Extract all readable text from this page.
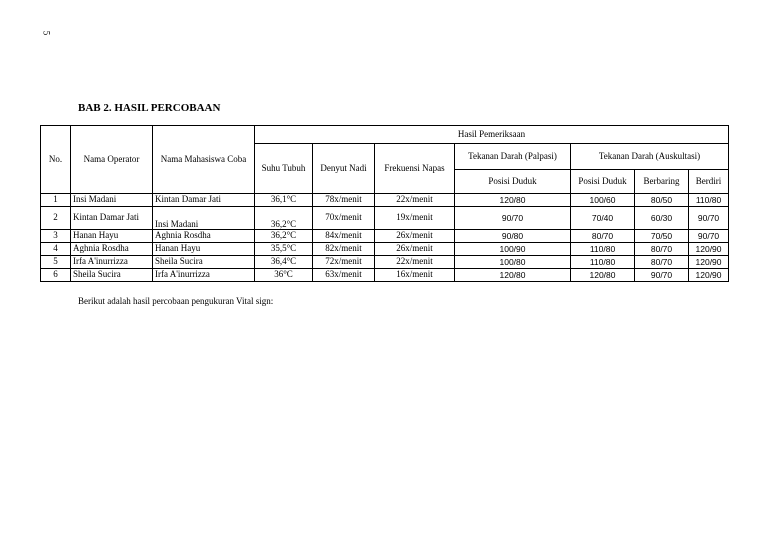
5
BAB 2. HASIL PERCOBAAN
No.	Nama Operator	Nama Mahasiswa Coba	Hasil Pemeriksaan						
			Suhu Tubuh	Denyut Nadi	Frekuensi Napas	Tekanan Darah (Palpasi)	Tekanan Darah (Auskultasi)		
						Posisi Duduk	Posisi Duduk	Berbaring	Berdiri
1	Insi Madani	Kintan Damar Jati	36,1°C	78x/menit	22x/menit	120/80	100/60	80/50	110/80
2	Kintan Damar Jati	Insi Madani	36,2°C	70x/menit	19x/menit	90/70	70/40	60/30	90/70
3	Hanan Hayu	Aghnia Rosdha	36,2°C	84x/menit	26x/menit	90/80	80/70	70/50	90/70
4	Aghnia Rosdha	Hanan Hayu	35,5°C	82x/menit	26x/menit	100/90	110/80	80/70	120/90
5	Irfa A'inurrizza	Sheila Sucira	36,4°C	72x/menit	22x/menit	100/80	110/80	80/70	120/90
6	Sheila Sucira	Irfa A'inurrizza	36°C	63x/menit	16x/menit	120/80	120/80	90/70	120/90
Berikut adalah hasil percobaan pengukuran Vital sign:
